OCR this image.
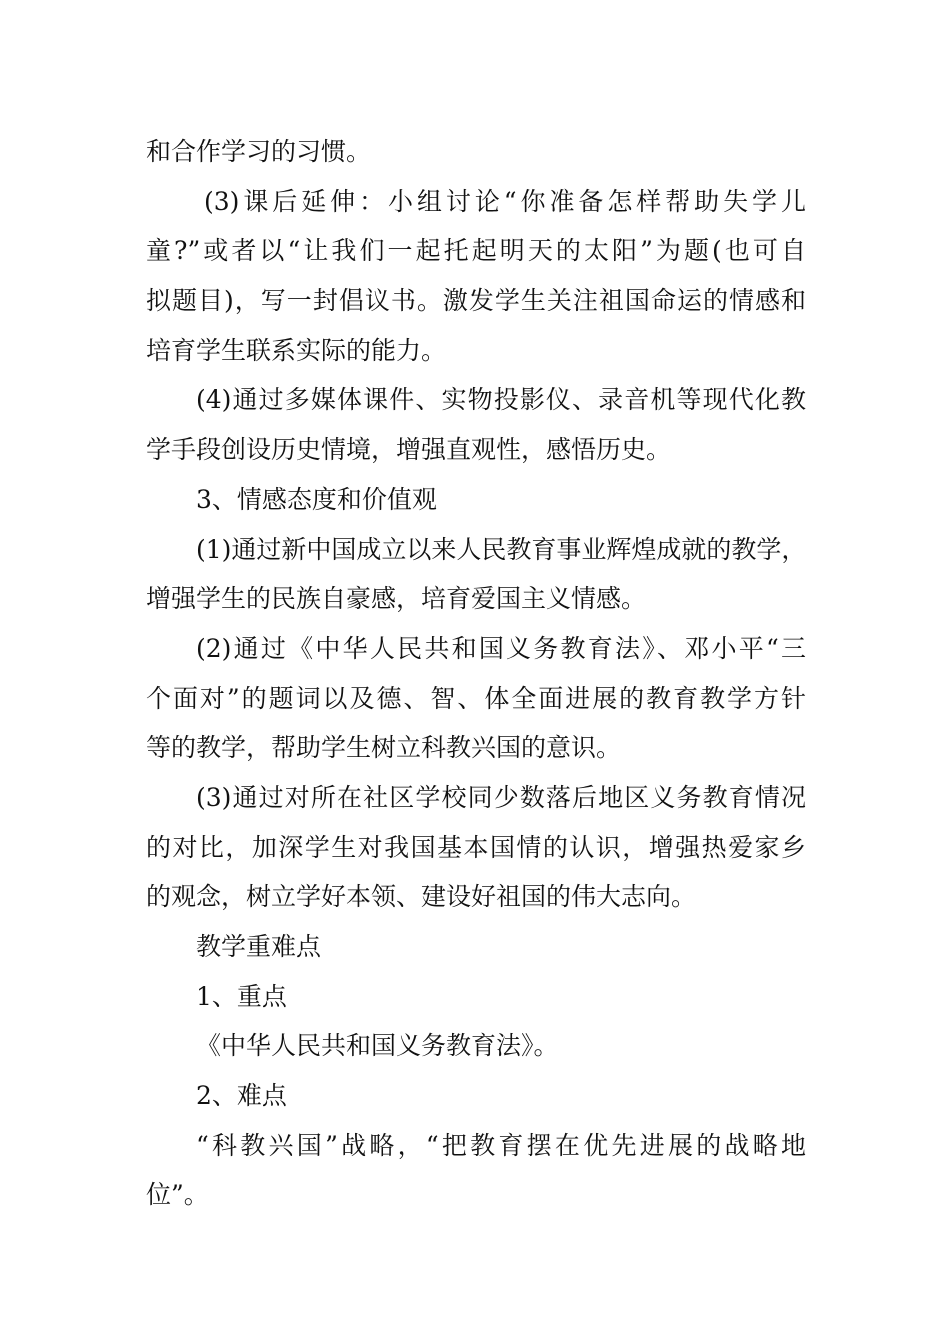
和合作学习的习惯。
(3)课后延伸：小组讨论“你准备怎样帮助失学儿
童?”或者以“让我们一起托起明天的太阳”为题(也可自
拟题目)，写一封倡议书。激发学生关注祖国命运的情感和
培育学生联系实际的能力。
(4)通过多媒体课件、实物投影仪、录音机等现代化教
学手段创设历史情境，增强直观性，感悟历史。
3、情感态度和价值观
(1)通过新中国成立以来人民教育事业辉煌成就的教学，
增强学生的民族自豪感，培育爱国主义情感。
(2)通过《中华人民共和国义务教育法》、邓小平“三
个面对”的题词以及德、智、体全面进展的教育教学方针
等的教学，帮助学生树立科教兴国的意识。
(3)通过对所在社区学校同少数落后地区义务教育情况
的对比，加深学生对我国基本国情的认识，增强热爱家乡
的观念，树立学好本领、建设好祖国的伟大志向。
教学重难点
1、重点
《中华人民共和国义务教育法》。
2、难点
“科教兴国”战略，“把教育摆在优先进展的战略地
位”。
